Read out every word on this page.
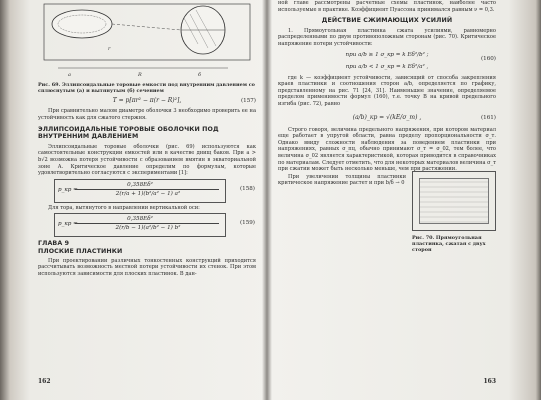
a	R	б
r
Рис. 69. Эллипсоидальные торовые емкости под внутренним давлением со сплюснутым (а) и вытянутым (б) сечением
T = p[πr² − π(r − R)²],	(157)

При сравнительно малом диаметре оболочки 3 необходимо проверить ее на устойчивость как для сжатого стержня.

ЭЛЛИПСОИДАЛЬНЫЕ ТОРОВЫЕ ОБОЛОЧКИ ПОД ВНУТРЕННИМ ДАВЛЕНИЕМ

Эллипсоидальные торовые оболочки (рис. 69) используются как самостоятельные конструкции емкостей или в качестве днищ баков. При a > b√2 возможна потеря устойчивости с образованием вмятин в экваториальной зоне А. Критическое давление определим по формулам, которые удовлетворительно согласуются с экспериментами [1]:

p_кр =
0,358Eδ²
2(r/a + 1)(b²/a² − 1) a²
(158)

Для тора, вытянутого в направлении вертикальной оси:

p_кр =
0,358Eδ²
2(r/b − 1)(a²/b² − 1) b²
(159)
ГЛАВА 9
ПЛОСКИЕ ПЛАСТИНКИ

При проектировании различных тонкостенных конструкций приходится рассчитывать возможность местной потери устойчивости их стенок. При этом используются зависимости для плоских пластинок. В дан-

162

ной главе рассмотрены расчетные схемы пластинок, наиболее часто используемые в практике. Коэффициент Пуассона принимался равным ν = 0,3.

ДЕЙСТВИЕ СЖИМАЮЩИХ УСИЛИЙ

1. Прямоугольная пластинка сжата усилиями, равномерно распределенными по двум противоположным сторонам (рис. 70). Критическое напряжение потери устойчивости:

при a/b ≥ 1 σ_кр = k Eδ²/b² ;
при a/b < 1 σ_кр = k Eδ²/a² ,
(160)

где k — коэффициент устойчивости, зависящий от способа закрепления краев пластинки и соотношения сторон a/b, определяется по графику, представленному на рис. 71 [24, 31]. Наименьшее значение, определяемое пределом применимости формул (160), т.е. точку B на кривой предельного изгиба (рис. 72), равно

(a/b)_кр = √(kE/σ_т) ,	(161)

Строго говоря, величина предельного напряжения, при котором материал еще работает в упругой области, равна пределу пропорциональности σ_т. Однако ввиду сложности наблюдения за поведением пластинки при напряжениях, равных σ_пц, обычно принимают σ_т = σ_02, тем более, что величина σ_02 является характеристикой, которая приводится в справочниках по материалам. Следует отметить, что для некоторых материалов величина σ_т при сжатии может быть несколько меньше, чем при растяжении.

При увеличении толщины пластинки критическое напряжение растет и при b/δ → 0

Рис. 70. Прямоугольная пластинка, сжатая с двух сторон
163
